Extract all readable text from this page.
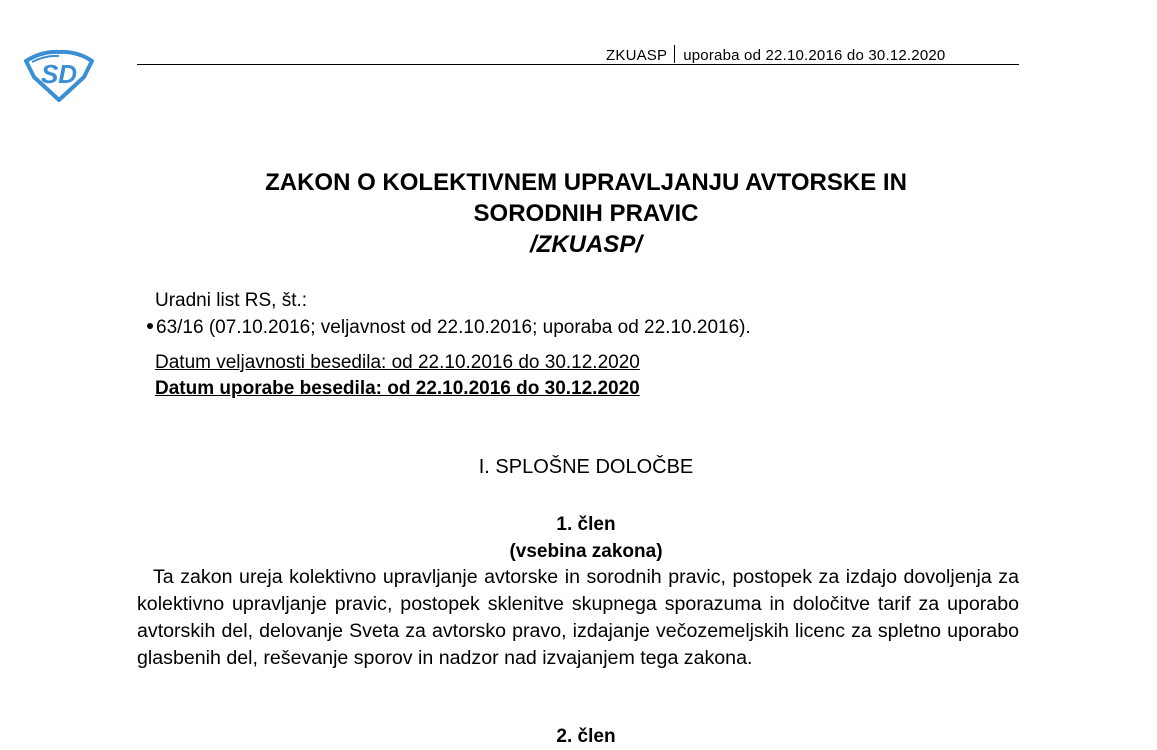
SD
ZKUASP uporaba od 22.10.2016 do 30.12.2020
ZAKON O KOLEKTIVNEM UPRAVLJANJU AVTORSKE IN
SORODNIH PRAVIC
/ZKUASP/
Uradni list RS, št.:
63/16 (07.10.2016; veljavnost od 22.10.2016; uporaba od 22.10.2016).
Datum veljavnosti besedila: od 22.10.2016 do 30.12.2020
Datum uporabe besedila: od 22.10.2016 do 30.12.2020
I. SPLOŠNE DOLOČBE
1. člen
(vsebina zakona)
Ta zakon ureja kolektivno upravljanje avtorske in sorodnih pravic, postopek za izdajo dovoljenja za kolektivno upravljanje pravic, postopek sklenitve skupnega sporazuma in določitve tarif za uporabo avtorskih del, delovanje Sveta za avtorsko pravo, izdajanje večozemeljskih licenc za spletno uporabo glasbenih del, reševanje sporov in nadzor nad izvajanjem tega zakona.
2. člen
